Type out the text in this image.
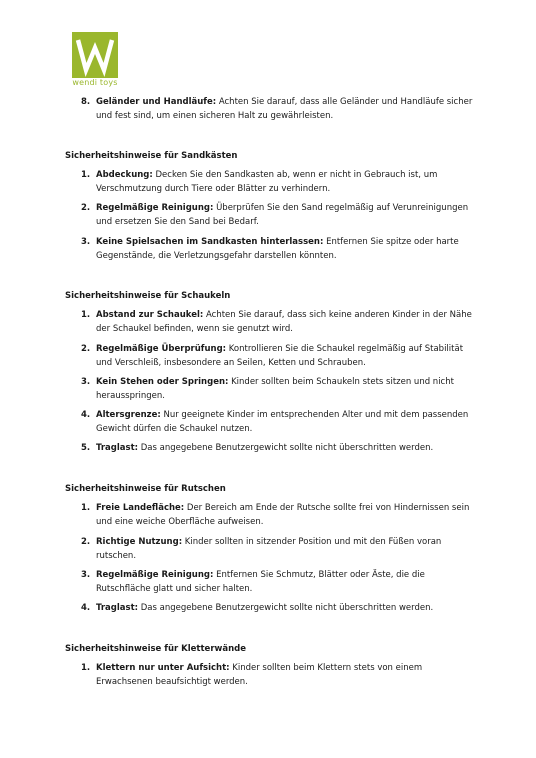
wendi toys
8. Geländer und Handläufe: Achten Sie darauf, dass alle Geländer und Handläufe sicher und fest sind, um einen sicheren Halt zu gewährleisten.
Sicherheitshinweise für Sandkästen
1. Abdeckung: Decken Sie den Sandkasten ab, wenn er nicht in Gebrauch ist, um Verschmutzung durch Tiere oder Blätter zu verhindern.
2. Regelmäßige Reinigung: Überprüfen Sie den Sand regelmäßig auf Verunreinigungen und ersetzen Sie den Sand bei Bedarf.
3. Keine Spielsachen im Sandkasten hinterlassen: Entfernen Sie spitze oder harte Gegenstände, die Verletzungsgefahr darstellen könnten.
Sicherheitshinweise für Schaukeln
1. Abstand zur Schaukel: Achten Sie darauf, dass sich keine anderen Kinder in der Nähe der Schaukel befinden, wenn sie genutzt wird.
2. Regelmäßige Überprüfung: Kontrollieren Sie die Schaukel regelmäßig auf Stabilität und Verschleiß, insbesondere an Seilen, Ketten und Schrauben.
3. Kein Stehen oder Springen: Kinder sollten beim Schaukeln stets sitzen und nicht herausspringen.
4. Altersgrenze: Nur geeignete Kinder im entsprechenden Alter und mit dem passenden Gewicht dürfen die Schaukel nutzen.
5. Traglast: Das angegebene Benutzergewicht sollte nicht überschritten werden.
Sicherheitshinweise für Rutschen
1. Freie Landefläche: Der Bereich am Ende der Rutsche sollte frei von Hindernissen sein und eine weiche Oberfläche aufweisen.
2. Richtige Nutzung: Kinder sollten in sitzender Position und mit den Füßen voran rutschen.
3. Regelmäßige Reinigung: Entfernen Sie Schmutz, Blätter oder Äste, die die Rutschfläche glatt und sicher halten.
4. Traglast: Das angegebene Benutzergewicht sollte nicht überschritten werden.
Sicherheitshinweise für Kletterwände
1. Klettern nur unter Aufsicht: Kinder sollten beim Klettern stets von einem Erwachsenen beaufsichtigt werden.
